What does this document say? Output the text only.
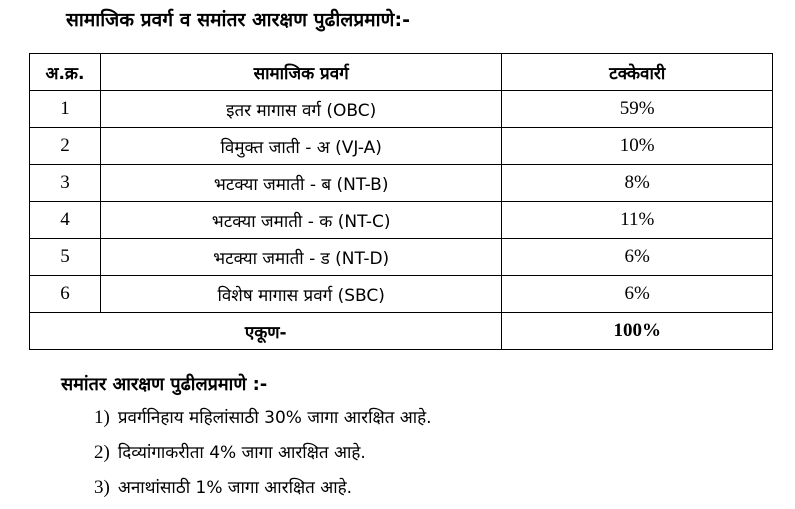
सामाजिक प्रवर्ग व समांतर आरक्षण पुढीलप्रमाणे:-
अ.क्र.	सामाजिक प्रवर्ग	टक्केवारी
1	इतर मागास वर्ग (OBC)	59%
2	विमुक्त जाती - अ (VJ-A)	10%
3	भटक्या जमाती - ब (NT-B)	8%
4	भटक्या जमाती - क (NT-C)	11%
5	भटक्या जमाती - ड (NT-D)	6%
6	विशेष मागास प्रवर्ग (SBC)	6%
एकूण-		100%
समांतर आरक्षण पुढीलप्रमाणे :-
1) प्रवर्गनिहाय महिलांसाठी 30% जागा आरक्षित आहे.
2) दिव्यांगाकरीता 4% जागा आरक्षित आहे.
3) अनाथांसाठी 1% जागा आरक्षित आहे.
